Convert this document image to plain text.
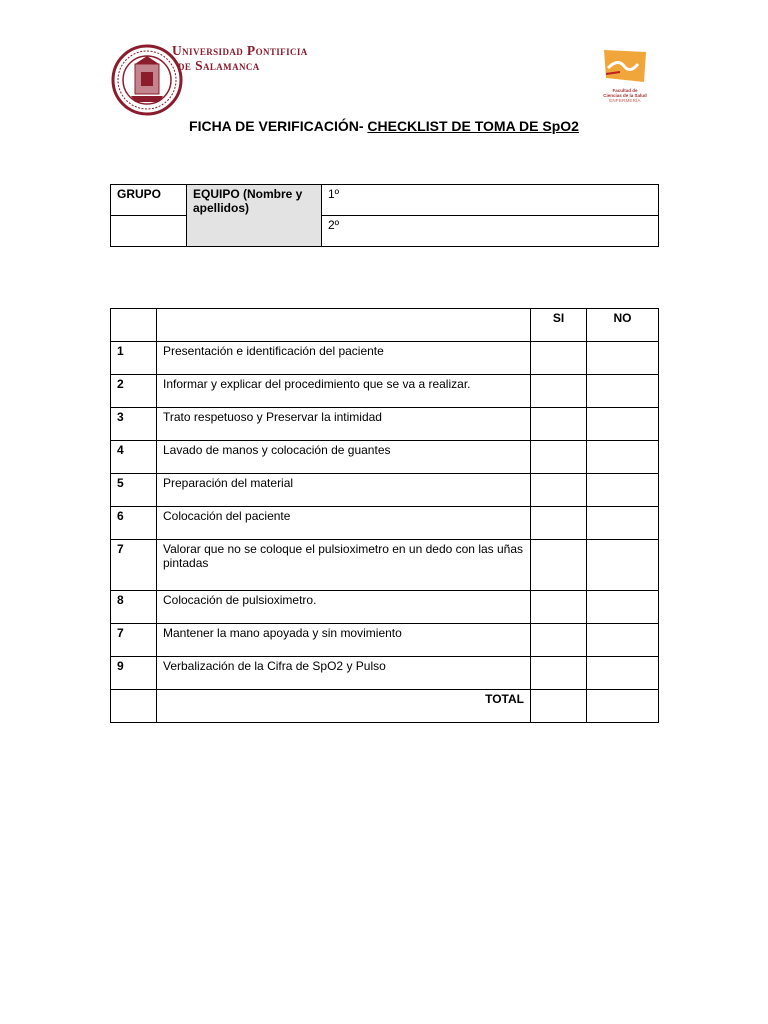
Universidad Pontificia
de Salamanca
Facultad de
Ciencias de la Salud
ENFERMERÍA
FICHA DE VERIFICACIÓN- CHECKLIST DE TOMA DE SpO2
GRUPO	EQUIPO (Nombre y apellidos)	1º
		2º
		SI	NO
1	Presentación e identificación del paciente		
2	Informar y explicar del procedimiento que se va a realizar.		
3	Trato respetuoso y Preservar la intimidad		
4	Lavado de manos y colocación de guantes		
5	Preparación del material		
6	Colocación del paciente		
7	Valorar que no se coloque el pulsioximetro en un dedo con las uñas pintadas		
8	Colocación de pulsioximetro.		
7	Mantener la mano apoyada y sin movimiento		
9	Verbalización de la Cifra de SpO2 y Pulso		
	TOTAL		
